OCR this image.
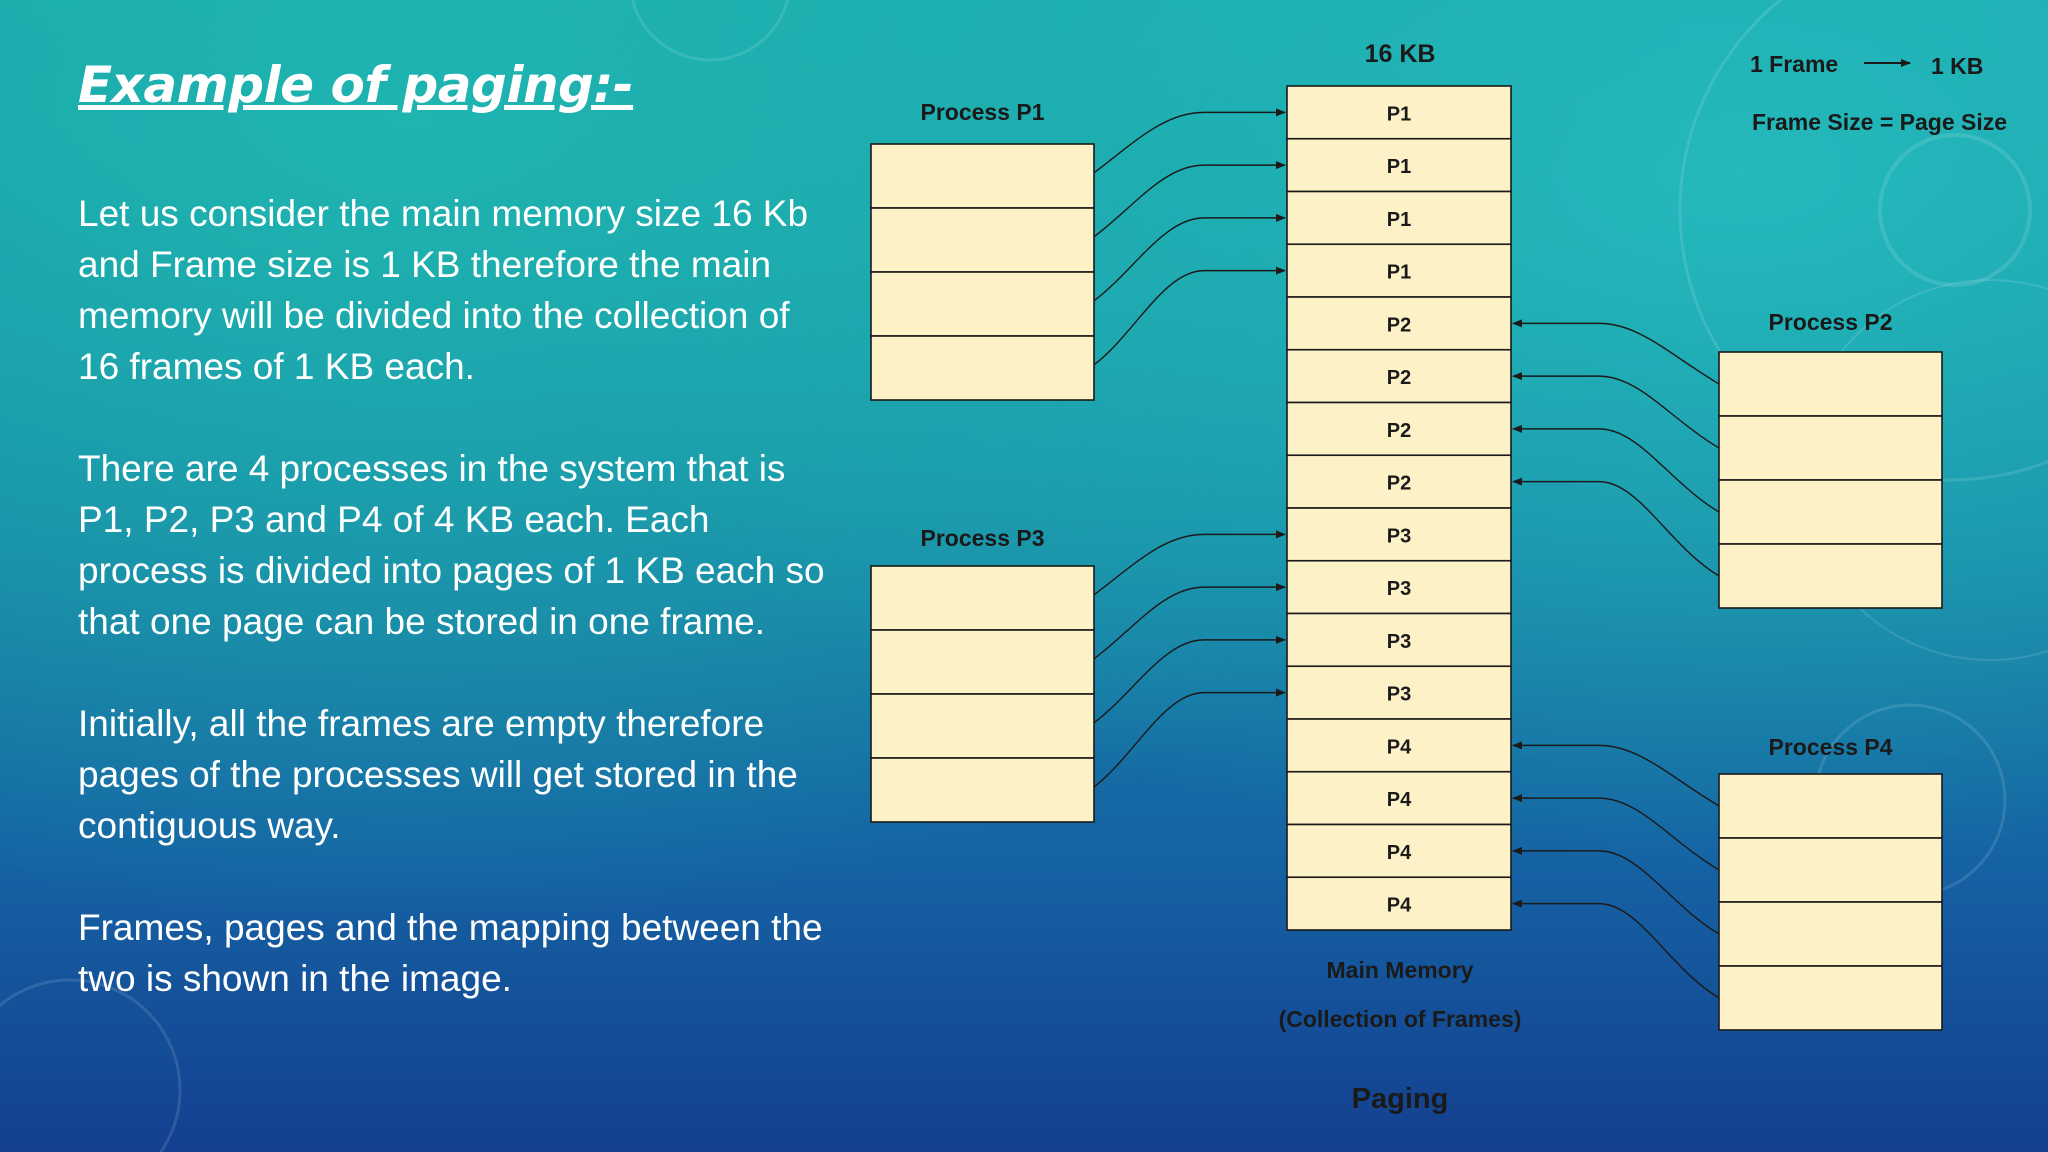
Example of paging:-

Let us consider the main memory size 16 Kb and Frame size is 1 KB therefore the main memory will be divided into the collection of 16 frames of 1 KB each.

There are 4 processes in the system that is P1, P2, P3 and P4 of 4 KB each. Each process is divided into pages of 1 KB each so that one page can be stored in one frame.

Initially, all the frames are empty therefore pages of the processes will get stored in the contiguous way.

Frames, pages and the mapping between the two is shown in the image.

16 KB
P1
P1
P1
P1
P2
P2
P2
P2
P3
P3
P3
P3
P4
P4
P4
P4
Process P1
Process P3
Process P2
Process P4
Main Memory
(Collection of Frames)
Paging
1 Frame	1 KB
Frame Size = Page Size
